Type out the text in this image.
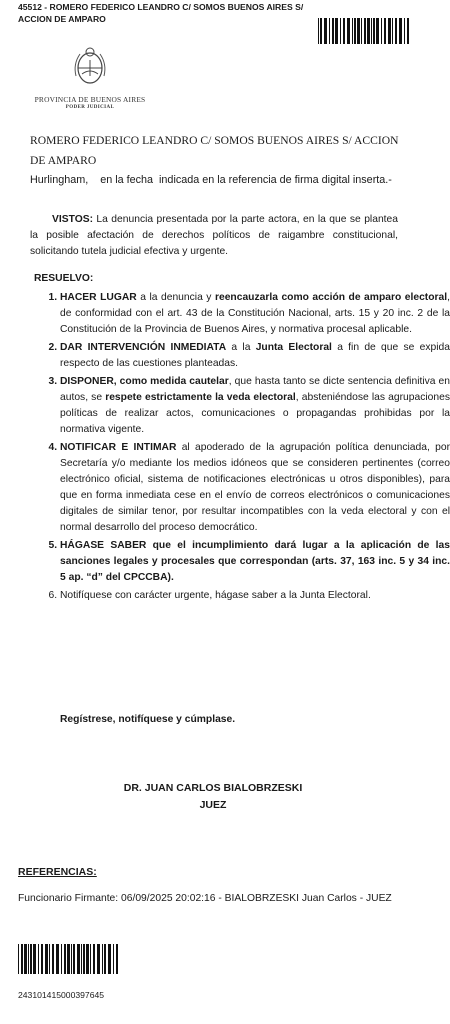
45512 - ROMERO FEDERICO LEANDRO C/ SOMOS BUENOS AIRES S/ ACCION DE AMPARO
PROVINCIA DE BUENOS AIRES
PODER JUDICIAL
ROMERO FEDERICO LEANDRO C/ SOMOS BUENOS AIRES S/ ACCION DE AMPARO
Hurlingham,    en la fecha  indicada en la referencia de firma digital inserta.-
VISTOS: La denuncia presentada por la parte actora, en la que se plantea la posible afectación de derechos políticos de raigambre constitucional, solicitando tutela judicial efectiva y urgente.
RESUELVO:
1. HACER LUGAR a la denuncia y reencauzarla como acción de amparo electoral, de conformidad con el art. 43 de la Constitución Nacional, arts. 15 y 20 inc. 2 de la Constitución de la Provincia de Buenos Aires, y normativa procesal aplicable.
2. DAR INTERVENCIÓN INMEDIATA a la Junta Electoral a fin de que se expida respecto de las cuestiones planteadas.
3. DISPONER, como medida cautelar, que hasta tanto se dicte sentencia definitiva en autos, se respete estrictamente la veda electoral, absteniéndose las agrupaciones políticas de realizar actos, comunicaciones o propagandas prohibidas por la normativa vigente.
4. NOTIFICAR E INTIMAR al apoderado de la agrupación política denunciada, por Secretaría y/o mediante los medios idóneos que se consideren pertinentes (correo electrónico oficial, sistema de notificaciones electrónicas u otros disponibles), para que en forma inmediata cese en el envío de correos electrónicos o comunicaciones digitales de similar tenor, por resultar incompatibles con la veda electoral y con el normal desarrollo del proceso democrático.
5. HÁGASE SABER que el incumplimiento dará lugar a la aplicación de las sanciones legales y procesales que correspondan (arts. 37, 163 inc. 5 y 34 inc. 5 ap. “d” del CPCCBA).
6. Notifíquese con carácter urgente, hágase saber a la Junta Electoral.
Regístrese, notifíquese y cúmplase.
DR. JUAN CARLOS BIALOBRZESKI
JUEZ
REFERENCIAS:
Funcionario Firmante: 06/09/2025 20:02:16 - BIALOBRZESKI Juan Carlos - JUEZ
243101415000397645
